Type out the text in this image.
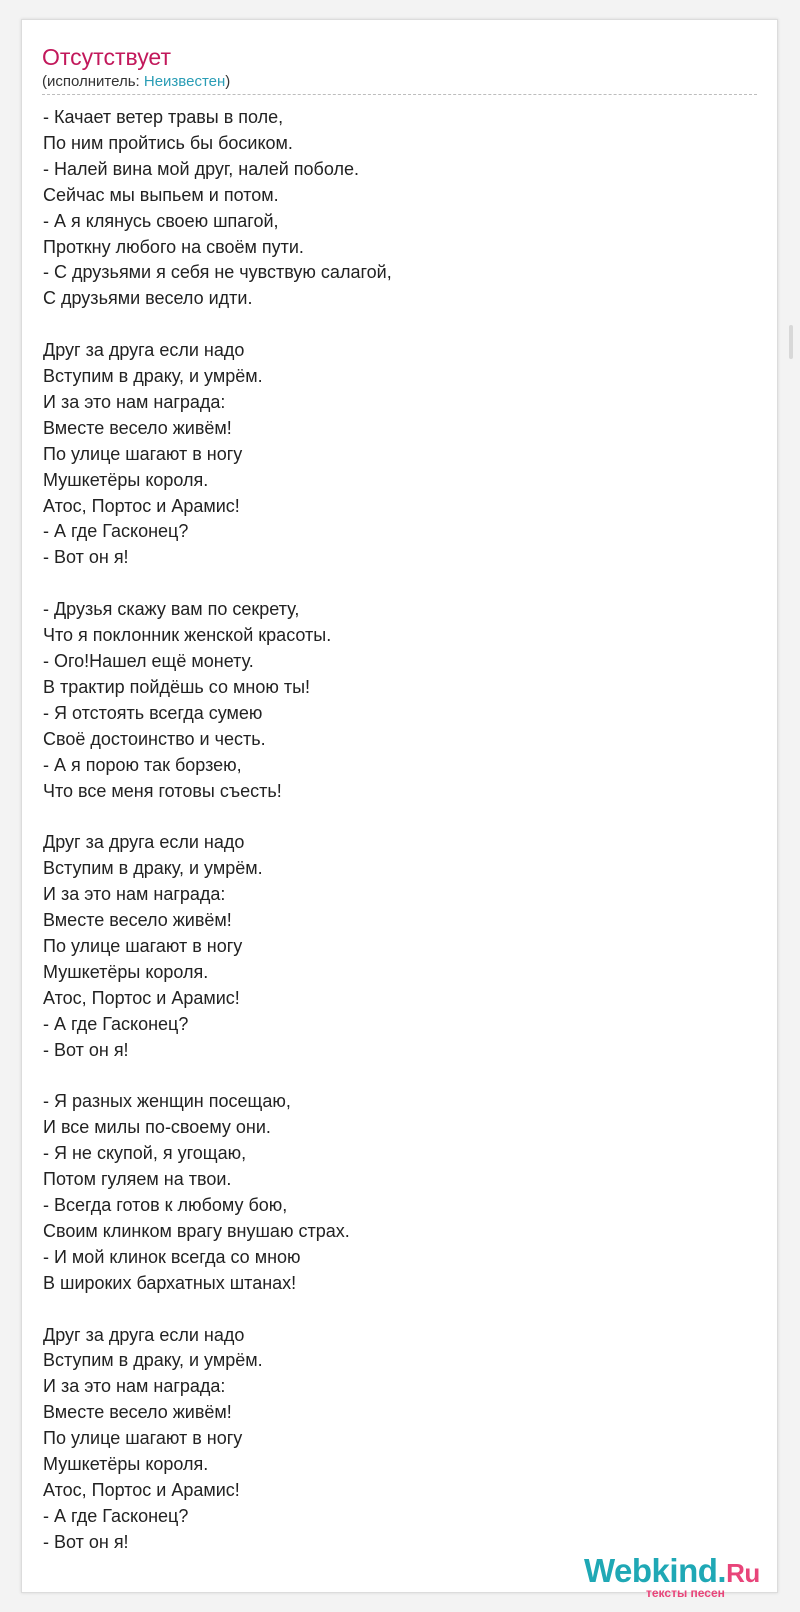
Отсутствует
(исполнитель: Неизвестен)
- Качает ветер травы в поле,
По ним пройтись бы босиком.
- Налей вина мой друг, налей поболе.
Сейчас мы выпьем и потом.
- А я клянусь своею шпагой,
Проткну любого на своём пути.
- С друзьями я себя не чувствую салагой,
С друзьями весело идти.
Друг за друга если надо
Вступим в драку, и умрём.
И за это нам награда:
Вместе весело живём!
По улице шагают в ногу
Мушкетёры короля.
Атос, Портос и Арамис!
- А где Гасконец?
- Вот он я!
- Друзья скажу вам по секрету,
Что я поклонник женской красоты.
- Ого!Нашел ещё монету.
В трактир пойдёшь со мною ты!
- Я отстоять всегда сумею
Своё достоинство и честь.
- А я порою так борзею,
Что все меня готовы съесть!
Друг за друга если надо
Вступим в драку, и умрём.
И за это нам награда:
Вместе весело живём!
По улице шагают в ногу
Мушкетёры короля.
Атос, Портос и Арамис!
- А где Гасконец?
- Вот он я!
- Я разных женщин посещаю,
И все милы по-своему они.
- Я не скупой, я угощаю,
Потом гуляем на твои.
- Всегда готов к любому бою,
Своим клинком врагу внушаю страх.
- И мой клинок всегда со мною
В широких бархатных штанах!
Друг за друга если надо
Вступим в драку, и умрём.
И за это нам награда:
Вместе весело живём!
По улице шагают в ногу
Мушкетёры короля.
Атос, Портос и Арамис!
- А где Гасконец?
- Вот он я!
Webkind.Ru
тексты песен
